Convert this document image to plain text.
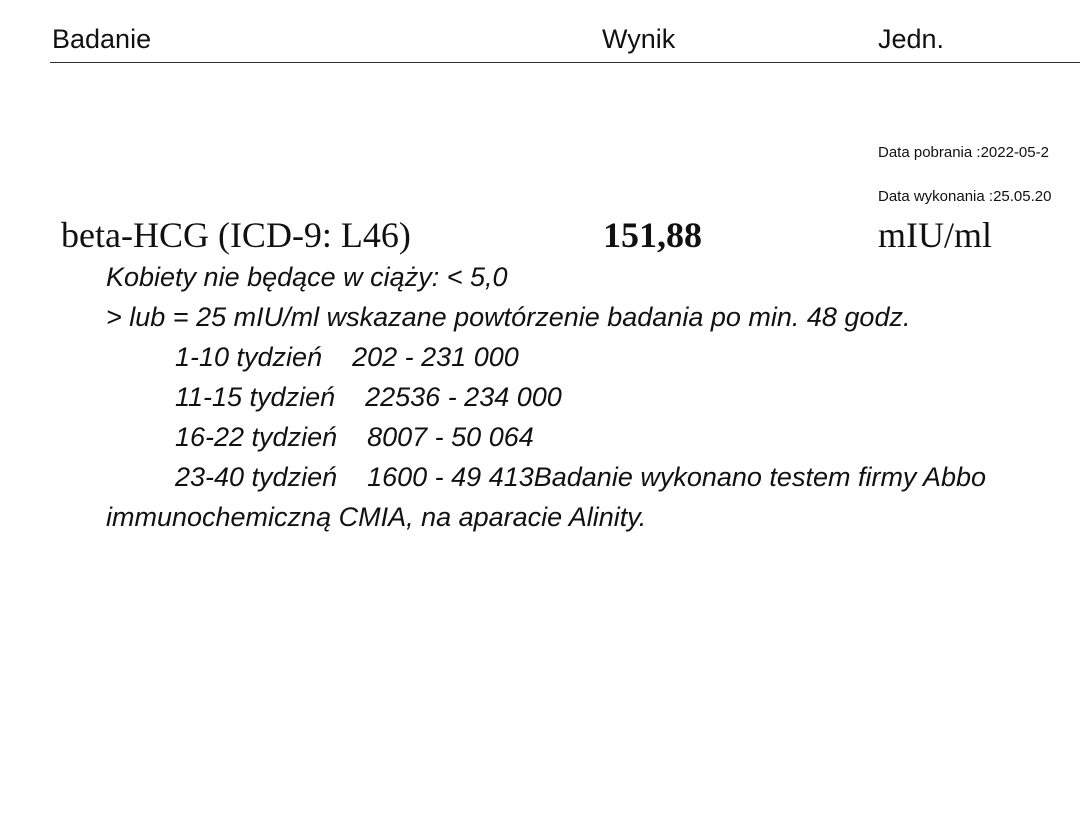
Badanie	Wynik	Jedn.
Data pobrania :2022-05-2
Data wykonania :25.05.20
beta-HCG (ICD-9: L46)	151,88	mIU/ml
Kobiety nie będące w ciąży: < 5,0
> lub = 25 mIU/ml wskazane powtórzenie badania po min. 48 godz.
1-10 tydzień    202 - 231 000
11-15 tydzień    22536 - 234 000
16-22 tydzień    8007 - 50 064
23-40 tydzień    1600 - 49 413Badanie wykonano testem firmy Abbo
immunochemiczną CMIA, na aparacie Alinity.
